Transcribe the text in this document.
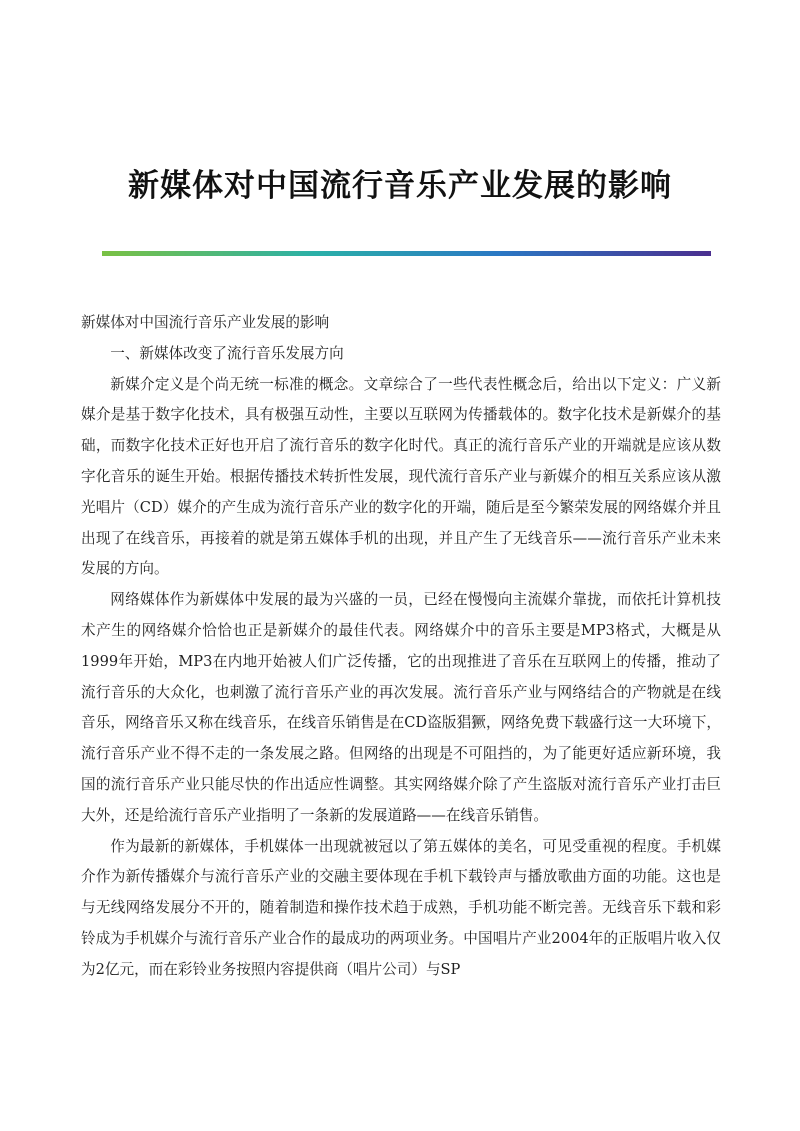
新媒体对中国流行音乐产业发展的影响

新媒体对中国流行音乐产业发展的影响

一、新媒体改变了流行音乐发展方向

新媒介定义是个尚无统一标准的概念。文章综合了一些代表性概念后，给出以下定义：广义新媒介是基于数字化技术，具有极强互动性，主要以互联网为传播载体的。数字化技术是新媒介的基础，而数字化技术正好也开启了流行音乐的数字化时代。真正的流行音乐产业的开端就是应该从数字化音乐的诞生开始。根据传播技术转折性发展，现代流行音乐产业与新媒介的相互关系应该从激光唱片（CD）媒介的产生成为流行音乐产业的数字化的开端，随后是至今繁荣发展的网络媒介并且出现了在线音乐，再接着的就是第五媒体手机的出现，并且产生了无线音乐——流行音乐产业未来发展的方向。

网络媒体作为新媒体中发展的最为兴盛的一员，已经在慢慢向主流媒介靠拢，而依托计算机技术产生的网络媒介恰恰也正是新媒介的最佳代表。网络媒介中的音乐主要是MP3格式，大概是从1999年开始，MP3在内地开始被人们广泛传播，它的出现推进了音乐在互联网上的传播，推动了流行音乐的大众化，也刺激了流行音乐产业的再次发展。流行音乐产业与网络结合的产物就是在线音乐，网络音乐又称在线音乐，在线音乐销售是在CD盗版猖獗，网络免费下载盛行这一大环境下，流行音乐产业不得不走的一条发展之路。但网络的出现是不可阻挡的，为了能更好适应新环境，我国的流行音乐产业只能尽快的作出适应性调整。其实网络媒介除了产生盗版对流行音乐产业打击巨大外，还是给流行音乐产业指明了一条新的发展道路——在线音乐销售。

作为最新的新媒体，手机媒体一出现就被冠以了第五媒体的美名，可见受重视的程度。手机媒介作为新传播媒介与流行音乐产业的交融主要体现在手机下载铃声与播放歌曲方面的功能。这也是与无线网络发展分不开的，随着制造和操作技术趋于成熟，手机功能不断完善。无线音乐下载和彩铃成为手机媒介与流行音乐产业合作的最成功的两项业务。中国唱片产业2004年的正版唱片收入仅为2亿元，而在彩铃业务按照内容提供商（唱片公司）与SP
